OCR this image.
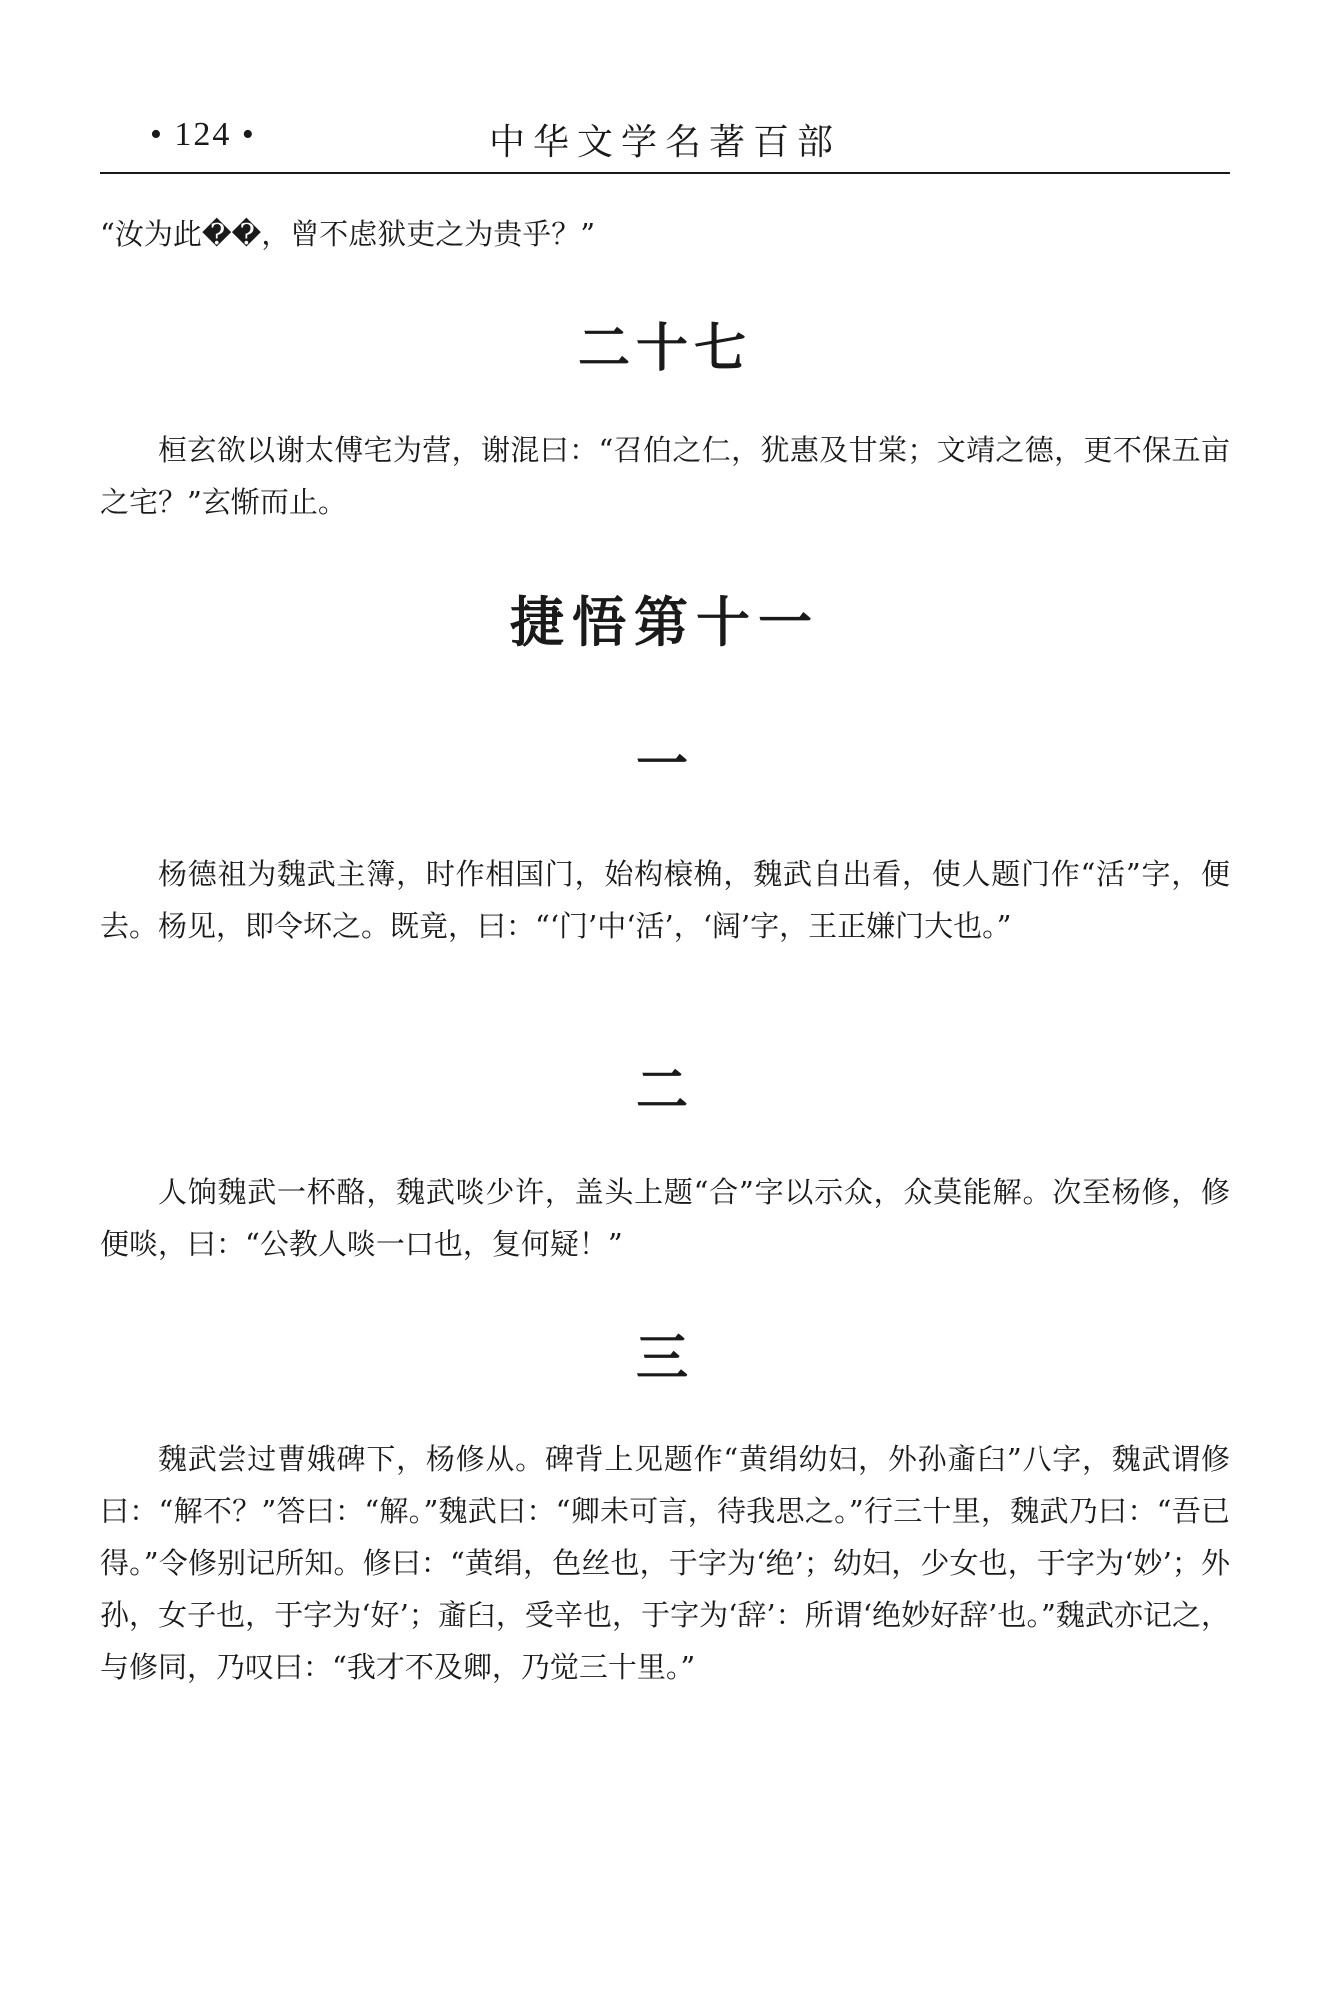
• 124 •	中华文学名著百部

“汝为此��，曾不虑狱吏之为贵乎？”

二十七

桓玄欲以谢太傅宅为营，谢混曰：“召伯之仁，犹惠及甘棠；文靖之德，更不保五亩之宅？”玄惭而止。

捷悟第十一
一

杨德祖为魏武主簿，时作相国门，始构榱桷，魏武自出看，使人题门作“活”字，便去。杨见，即令坏之。既竟，曰：“‘门’中‘活’，‘阔’字，王正嫌门大也。”

二

人饷魏武一杯酪，魏武啖少许，盖头上题“合”字以示众，众莫能解。次至杨修，修便啖，曰：“公教人啖一口也，复何疑！”

三

魏武尝过曹娥碑下，杨修从。碑背上见题作“黄绢幼妇，外孙齑臼”八字，魏武谓修曰：“解不？”答曰：“解。”魏武曰：“卿未可言，待我思之。”行三十里，魏武乃曰：“吾已得。”令修别记所知。修曰：“黄绢，色丝也，于字为‘绝’；幼妇，少女也，于字为‘妙’；外孙，女子也，于字为‘好’；齑臼，受辛也，于字为‘辞’：所谓‘绝妙好辞’也。”魏武亦记之，与修同，乃叹曰：“我才不及卿，乃觉三十里。”
